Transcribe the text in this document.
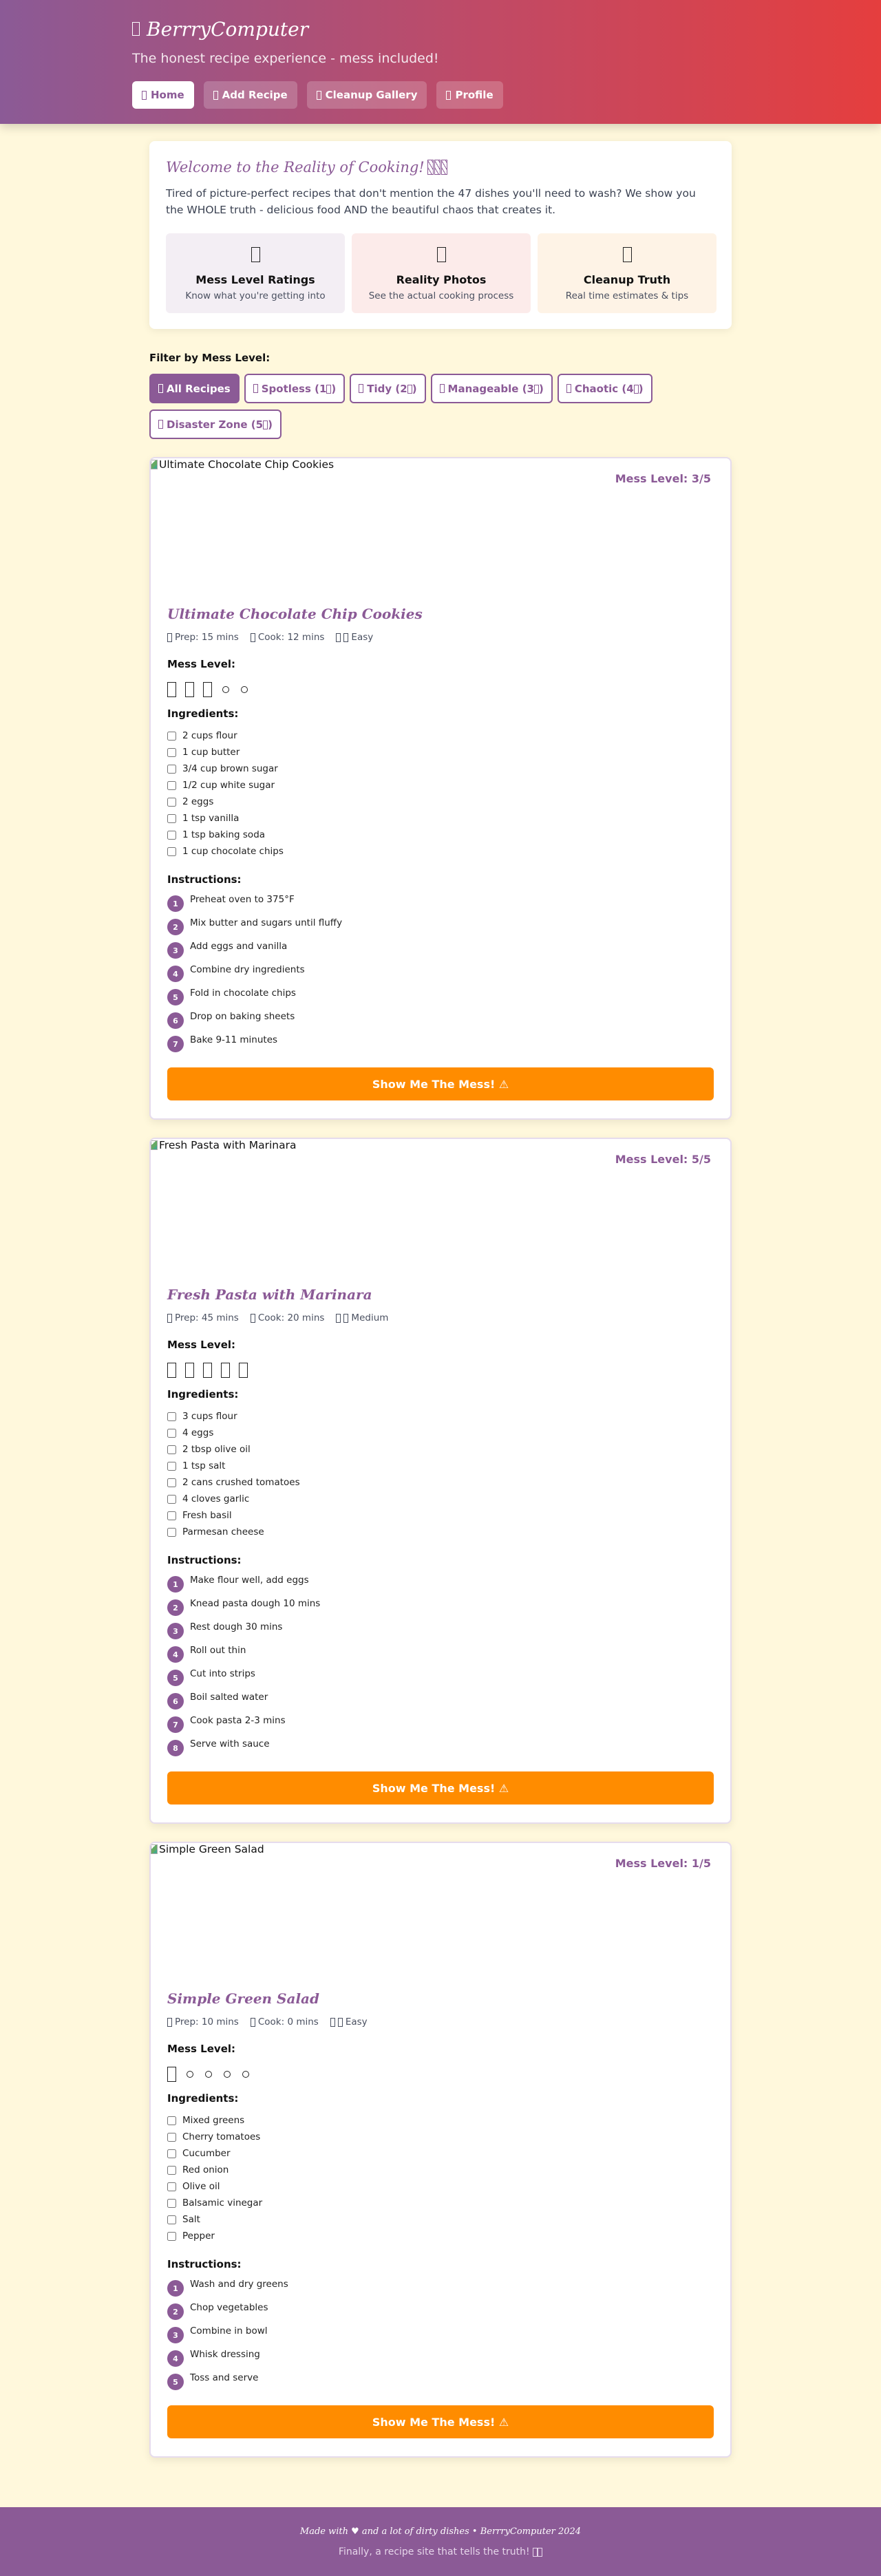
BerrryComputer
The honest recipe experience - mess included!
Home	Add Recipe	Cleanup Gallery	Profile
Welcome to the Reality of Cooking!

Tired of picture-perfect recipes that don't mention the 47 dishes you'll need to wash? We show you the WHOLE truth - delicious food AND the beautiful chaos that creates it.

Mess Level Ratings
Know what you're getting into
Reality Photos
See the actual cooking process
Cleanup Truth
Real time estimates & tips
Filter by Mess Level:
All Recipes	Spotless (1 )	Tidy (2 )	Manageable (3 )	Chaotic (4 )
Disaster Zone (5 )
Ultimate Chocolate Chip Cookies
Mess Level: 3/5
Ultimate Chocolate Chip Cookies
Prep: 15 mins Cook: 12 mins	Easy
Mess Level:
Ingredients:
2 cups flour
1 cup butter
3/4 cup brown sugar
1/2 cup white sugar
2 eggs
1 tsp vanilla
1 tsp baking soda
1 cup chocolate chips
Instructions:
1	Preheat oven to 375°F
2	Mix butter and sugars until fluffy
3	Add eggs and vanilla
4	Combine dry ingredients
5	Fold in chocolate chips
6	Drop on baking sheets
7	Bake 9-11 minutes
Show Me The Mess! ⚠
Fresh Pasta with Marinara
Mess Level: 5/5
Fresh Pasta with Marinara
Prep: 45 mins Cook: 20 mins	Medium
Mess Level:
Ingredients:
3 cups flour
4 eggs
2 tbsp olive oil
1 tsp salt
2 cans crushed tomatoes
4 cloves garlic
Fresh basil
Parmesan cheese
Instructions:
1	Make flour well, add eggs
2	Knead pasta dough 10 mins
3	Rest dough 30 mins
4	Roll out thin
5	Cut into strips
6	Boil salted water
7	Cook pasta 2-3 mins
8	Serve with sauce
Show Me The Mess! ⚠
Simple Green Salad
Mess Level: 1/5
Simple Green Salad
Prep: 10 mins Cook: 0 mins	Easy
Mess Level:
Ingredients:
Mixed greens
Cherry tomatoes
Cucumber
Red onion
Olive oil
Balsamic vinegar
Salt
Pepper
Instructions:
1	Wash and dry greens
2	Chop vegetables
3	Combine in bowl
4	Whisk dressing
5	Toss and serve
Show Me The Mess! ⚠
Made with ♥ and a lot of dirty dishes • BerrryComputer 2024
Finally, a recipe site that tells the truth!
